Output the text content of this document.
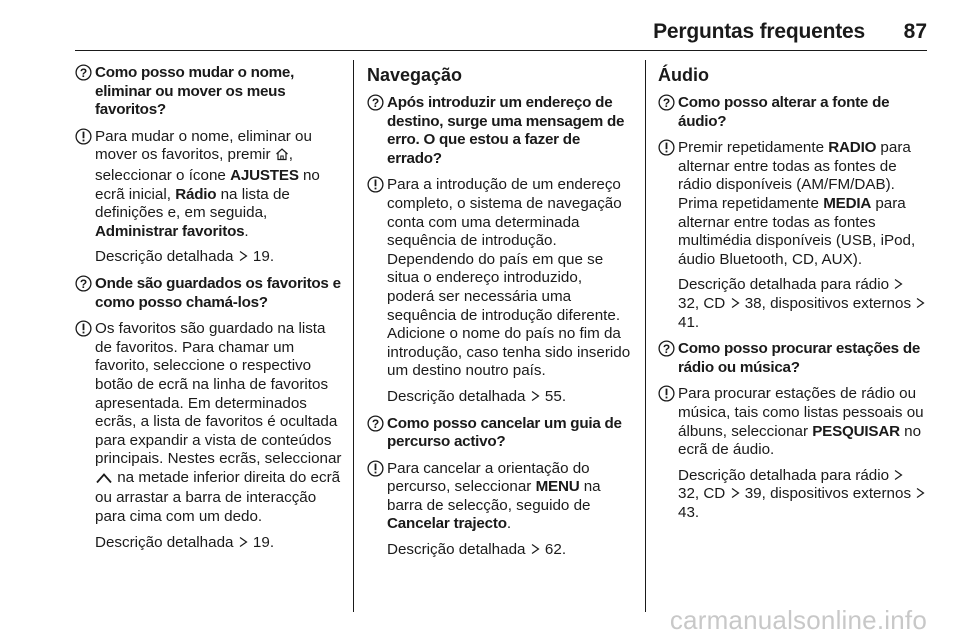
Perguntas frequentes 87
Como posso mudar o nome, eliminar ou mover os meus favoritos?
Para mudar o nome, eliminar ou mover os favoritos, premir , seleccionar o ícone AJUSTES no ecrã inicial, Rádio na lista de definições e, em seguida, Administrar favoritos.
Descrição detalhada  19.
Onde são guardados os favoritos e como posso chamá-los?
Os favoritos são guardado na lista de favoritos. Para chamar um favorito, seleccione o respectivo botão de ecrã na linha de favoritos apresentada. Em determinados ecrãs, a lista de favoritos é ocultada para expandir a vista de conteúdos principais. Nestes ecrãs, seleccionar  na metade inferior direita do ecrã ou arrastar a barra de interacção para cima com um dedo.
Descrição detalhada  19.
Navegação
Após introduzir um endereço de destino, surge uma mensagem de erro. O que estou a fazer de errado?
Para a introdução de um endereço completo, o sistema de navegação conta com uma determinada sequência de introdução. Dependendo do país em que se situa o endereço introduzido, poderá ser necessária uma sequência de introdução diferente. Adicione o nome do país no fim da introdução, caso tenha sido inserido um destino noutro país.
Descrição detalhada  55.
Como posso cancelar um guia de percurso activo?
Para cancelar a orientação do percurso, seleccionar MENU na barra de selecção, seguido de Cancelar trajecto.
Descrição detalhada  62.
Áudio
Como posso alterar a fonte de áudio?
Premir repetidamente RADIO para alternar entre todas as fontes de rádio disponíveis (AM/FM/DAB). Prima repetidamente MEDIA para alternar entre todas as fontes multimédia disponíveis (USB, iPod, áudio Bluetooth, CD, AUX).
Descrição detalhada para rádio  32, CD  38, dispositivos externos  41.
Como posso procurar estações de rádio ou música?
Para procurar estações de rádio ou música, tais como listas pessoais ou álbuns, seleccionar PESQUISAR no ecrã de áudio.
Descrição detalhada para rádio  32, CD  39, dispositivos externos  43.
carmanualsonline.info
